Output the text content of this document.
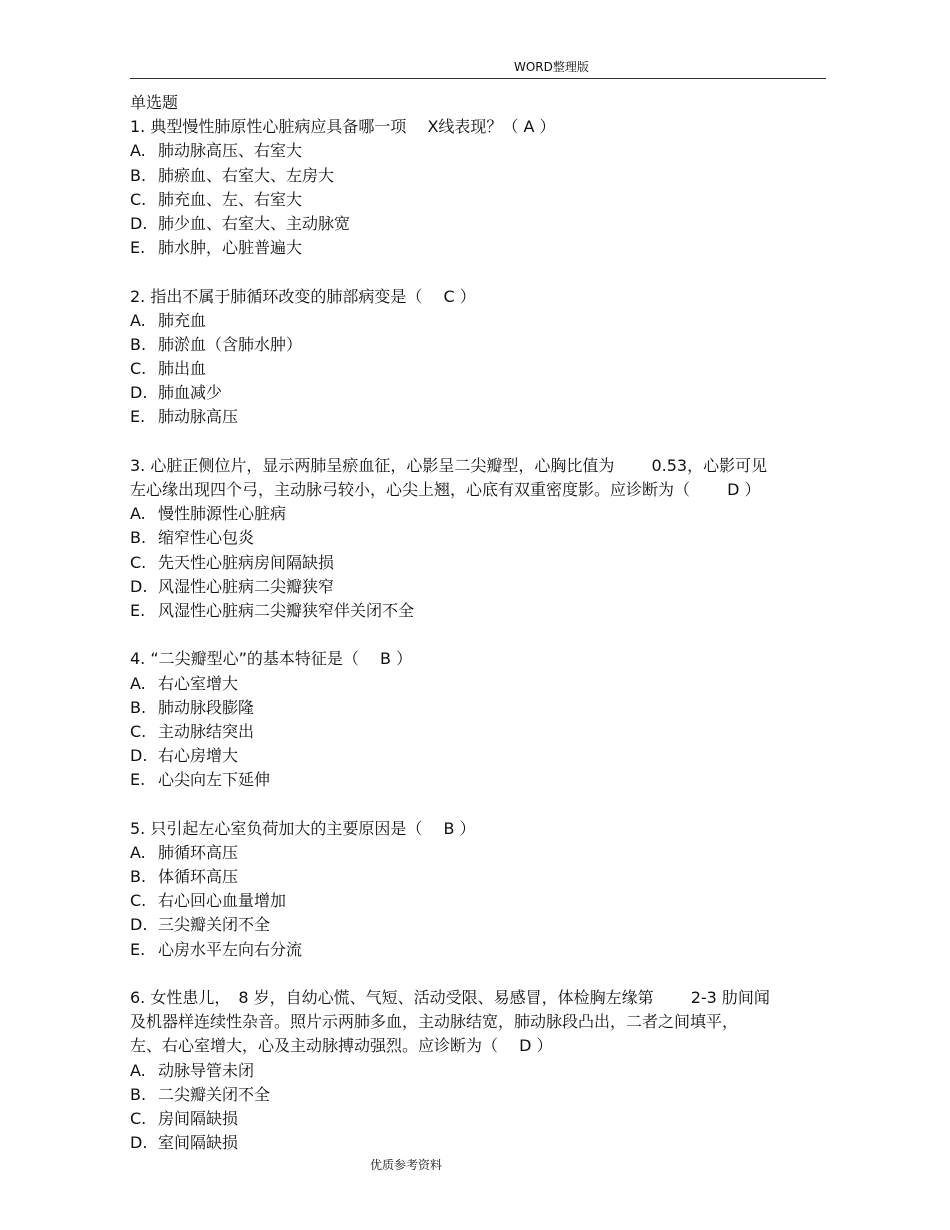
WORD整理版
单选题
1. 典型慢性肺原性心脏病应具备哪一项　 X线表现？（ A ）
A. 肺动脉高压、右室大
B. 肺瘀血、右室大、左房大
C. 肺充血、左、右室大
D. 肺少血、右室大、主动脉宽
E. 肺水肿，心脏普遍大
2. 指出不属于肺循环改变的肺部病变是（　 C ）
A. 肺充血
B. 肺淤血（含肺水肿）
C. 肺出血
D. 肺血减少
E. 肺动脉高压
3. 心脏正侧位片，显示两肺呈瘀血征，心影呈二尖瓣型，心胸比值为　　 0.53，心影可见
左心缘出现四个弓，主动脉弓较小，心尖上翘，心底有双重密度影。应诊断为（　　 D ）
A. 慢性肺源性心脏病
B. 缩窄性心包炎
C. 先天性心脏病房间隔缺损
D. 风湿性心脏病二尖瓣狭窄
E. 风湿性心脏病二尖瓣狭窄伴关闭不全
4. “二尖瓣型心”的基本特征是（　 B ）
A. 右心室增大
B. 肺动脉段膨隆
C. 主动脉结突出
D. 右心房增大
E. 心尖向左下延伸
5. 只引起左心室负荷加大的主要原因是（　 B ）
A. 肺循环高压
B. 体循环高压
C. 右心回心血量增加
D. 三尖瓣关闭不全
E. 心房水平左向右分流
6. 女性患儿，　8 岁，自幼心慌、气短、活动受限、易感冒，体检胸左缘第　　 2-3 肋间闻
及机器样连续性杂音。照片示两肺多血，主动脉结宽，肺动脉段凸出，二者之间填平，
左、右心室增大，心及主动脉搏动强烈。应诊断为（　 D ）
A. 动脉导管未闭
B. 二尖瓣关闭不全
C. 房间隔缺损
D. 室间隔缺损
优质参考资料
